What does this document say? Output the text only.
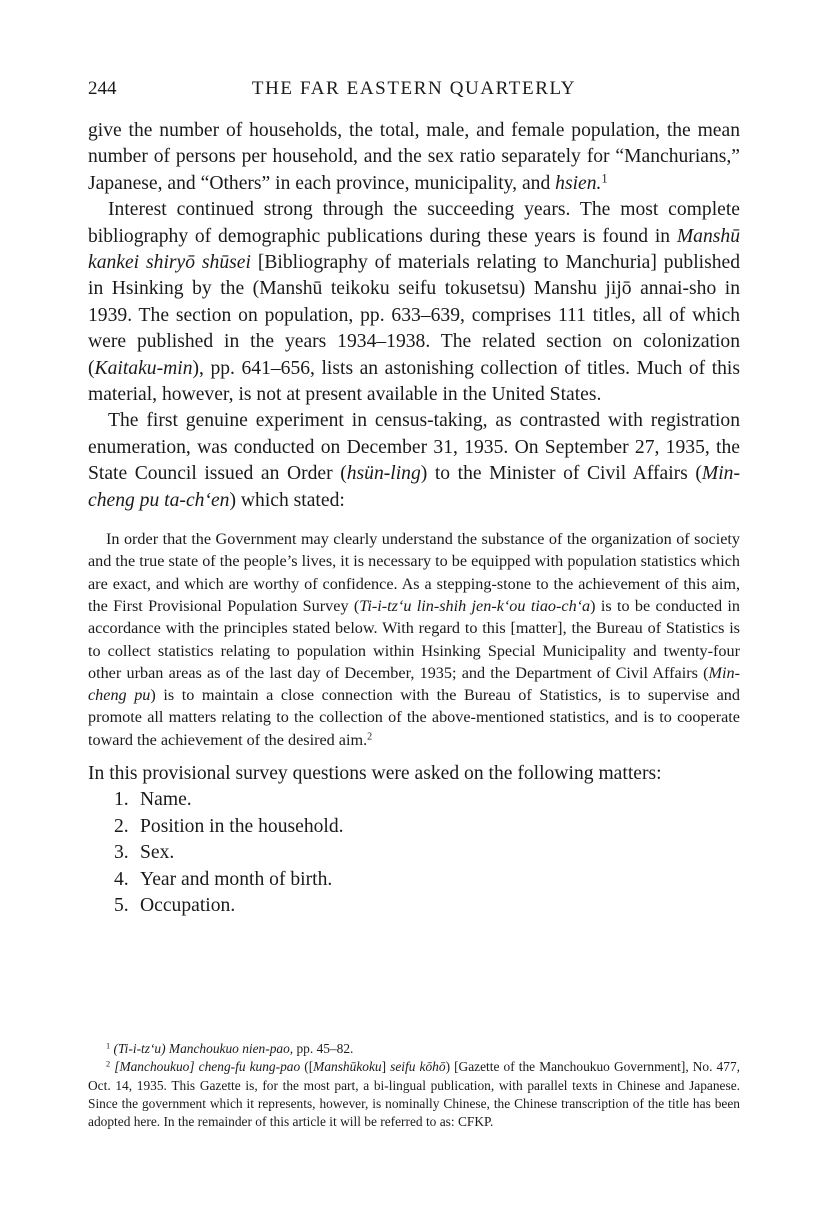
244	THE FAR EASTERN QUARTERLY

give the number of households, the total, male, and female population, the mean number of persons per household, and the sex ratio separately for “Manchurians,” Japanese, and “Others” in each province, municipality, and hsien.$^1$

Interest continued strong through the succeeding years. The most complete bibliography of demographic publications during these years is found in Manshū kankei shiryō shūsei [Bibliography of materials relating to Manchuria] published in Hsinking by the (Manshū teikoku seifu tokusetsu) Manshu jijō annai-sho in 1939. The section on population, pp. 633–639, comprises 111 titles, all of which were published in the years 1934–1938. The related section on colonization (Kaitaku-min), pp. 641–656, lists an astonishing collection of titles. Much of this material, however, is not at present available in the United States.

The first genuine experiment in census-taking, as contrasted with registration enumeration, was conducted on December 31, 1935. On September 27, 1935, the State Council issued an Order (hsün-ling) to the Minister of Civil Affairs (Min-cheng pu ta-ch‘en) which stated:

In order that the Government may clearly understand the substance of the organization of society and the true state of the people’s lives, it is necessary to be equipped with population statistics which are exact, and which are worthy of confidence. As a stepping-stone to the achievement of this aim, the First Provisional Population Survey (Ti-i-tz‘u lin-shih jen-k‘ou tiao-ch‘a) is to be conducted in accordance with the principles stated below. With regard to this [matter], the Bureau of Statistics is to collect statistics relating to population within Hsinking Special Municipality and twenty-four other urban areas as of the last day of December, 1935; and the Department of Civil Affairs (Min-cheng pu) is to maintain a close connection with the Bureau of Statistics, is to supervise and promote all matters relating to the collection of the above-mentioned statistics, and is to cooperate toward the achievement of the desired aim.$^2$

In this provisional survey questions were asked on the following matters:

1. Name.
2. Position in the household.
3. Sex.
4. Year and month of birth.
5. Occupation.

$^1$ (Ti-i-tz‘u) Manchoukuo nien-pao, pp. 45–82.

$^2$ [Manchoukuo] cheng-fu kung-pao ([Manshūkoku] seifu kōhō) [Gazette of the Manchoukuo Government], No. 477, Oct. 14, 1935. This Gazette is, for the most part, a bi-lingual publication, with parallel texts in Chinese and Japanese. Since the government which it represents, however, is nominally Chinese, the Chinese transcription of the title has been adopted here. In the remainder of this article it will be referred to as: CFKP.
